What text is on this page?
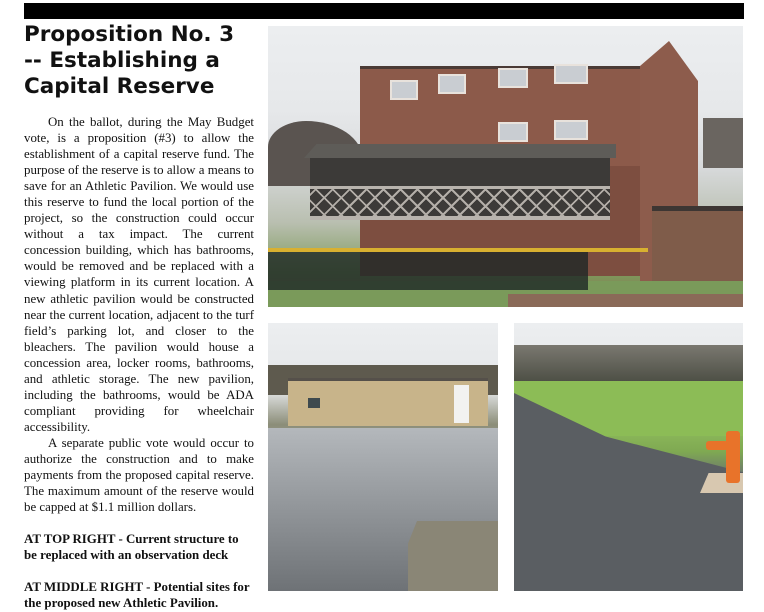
Proposition No. 3
-- Establishing a
Capital Reserve

On the ballot, during the May Budget vote, is a proposition (#3) to allow the establishment of a capital reserve fund. The purpose of the reserve is to allow a means to save for an Athletic Pavilion. We would use this reserve to fund the local portion of the project, so the construction could occur without a tax impact. The current concession building, which has bathrooms, would be removed and be replaced with a viewing platform in its current location. A new athletic pavilion would be constructed near the current location, adjacent to the turf field’s parking lot, and closer to the bleachers. The pavilion would house a concession area, locker rooms, bathrooms, and athletic storage. The new pavilion, including the bathrooms, would be ADA compliant providing for wheelchair accessibility.

A separate public vote would occur to authorize the construction and to make payments from the proposed capital reserve. The maximum amount of the reserve would be capped at $1.1 million dollars.

AT TOP RIGHT - Current structure to be replaced with an observation deck

AT MIDDLE RIGHT - Potential sites for the proposed new Athletic Pavilion.
